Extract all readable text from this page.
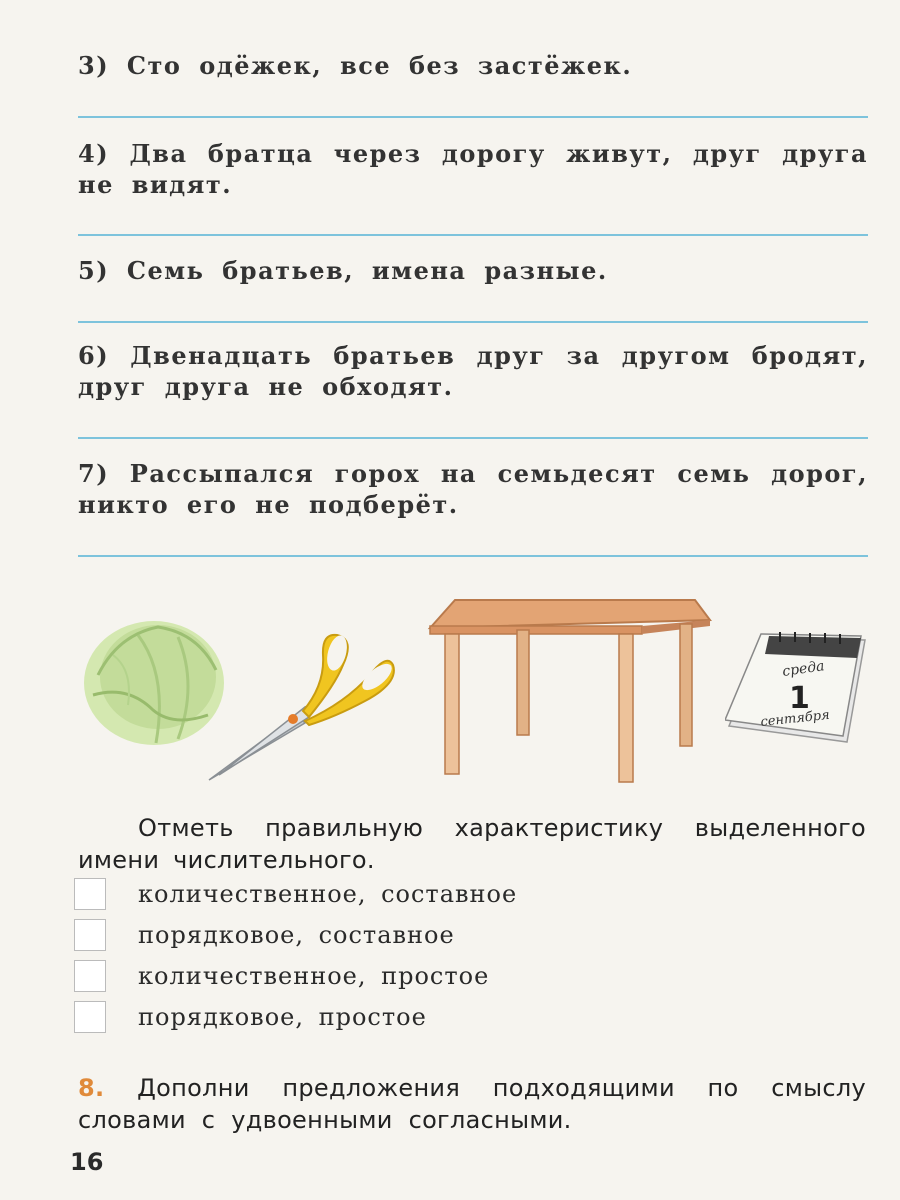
3) Сто одёжек, все без застёжек.
4) Два братца через дорогу живут, друг друга не видят.
5) Семь братьев, имена разные.
6) Двенадцать братьев друг за другом бродят, друг друга не обходят.
7) Рассыпался горох на семьдесят семь дорог, никто его не подберёт.
среда
1
сентября
Отметь правильную характеристику выделенного имени числительного.
количественное, составное
порядковое, составное
количественное, простое
порядковое, простое
8. Дополни предложения подходящими по смыслу словами с удвоенными согласными.
16
